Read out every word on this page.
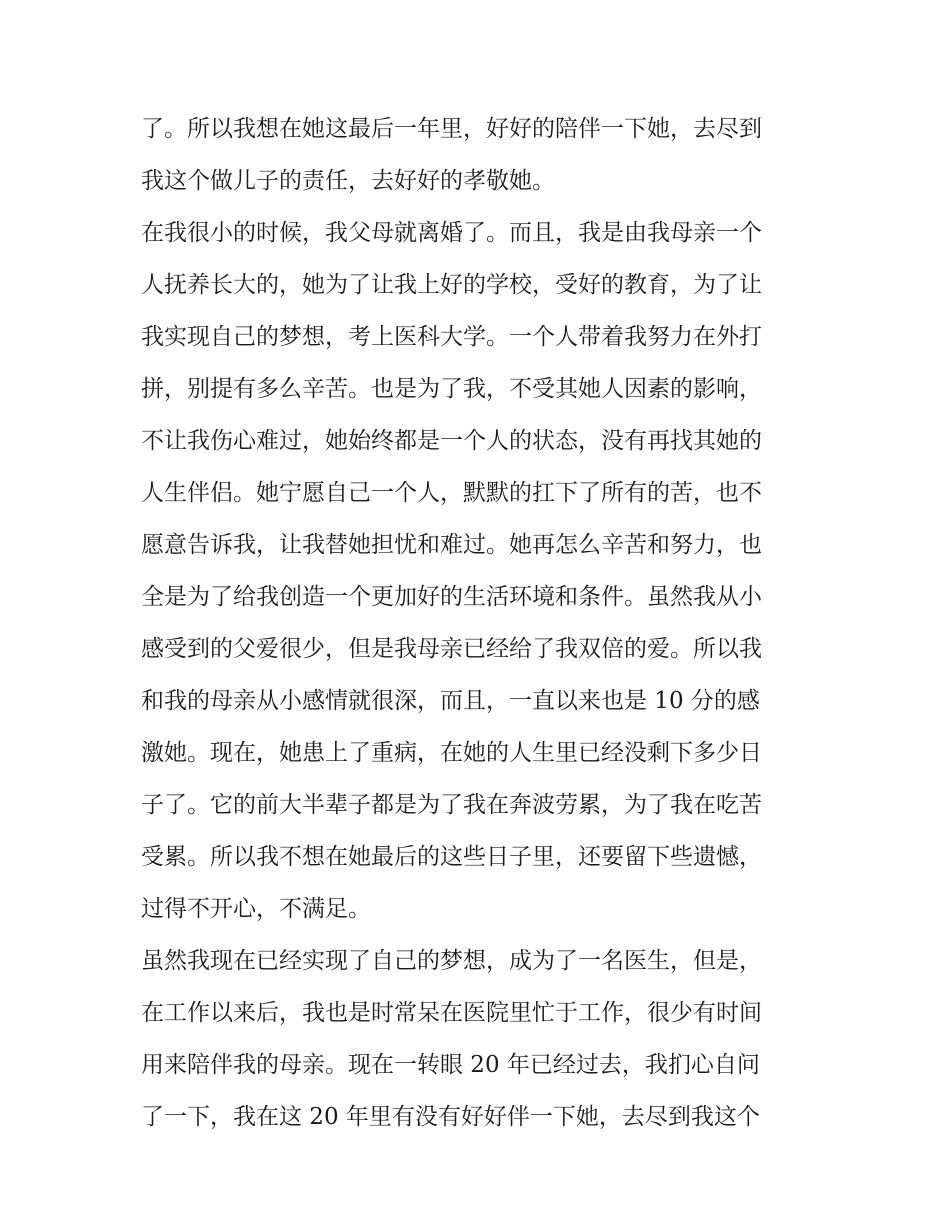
了。所以我想在她这最后一年里，好好的陪伴一下她，去尽到
我这个做儿子的责任，去好好的孝敬她。
在我很小的时候，我父母就离婚了。而且，我是由我母亲一个
人抚养长大的，她为了让我上好的学校，受好的教育，为了让
我实现自己的梦想，考上医科大学。一个人带着我努力在外打
拼，别提有多么辛苦。也是为了我，不受其她人因素的影响，
不让我伤心难过，她始终都是一个人的状态，没有再找其她的
人生伴侣。她宁愿自己一个人，默默的扛下了所有的苦，也不
愿意告诉我，让我替她担忧和难过。她再怎么辛苦和努力，也
全是为了给我创造一个更加好的生活环境和条件。虽然我从小
感受到的父爱很少，但是我母亲已经给了我双倍的爱。所以我
和我的母亲从小感情就很深，而且，一直以来也是 10 分的感
激她。现在，她患上了重病，在她的人生里已经没剩下多少日
子了。它的前大半辈子都是为了我在奔波劳累，为了我在吃苦
受累。所以我不想在她最后的这些日子里，还要留下些遗憾，
过得不开心，不满足。
虽然我现在已经实现了自己的梦想，成为了一名医生，但是，
在工作以来后，我也是时常呆在医院里忙于工作，很少有时间
用来陪伴我的母亲。现在一转眼 20 年已经过去，我扪心自问
了一下，我在这 20 年里有没有好好伴一下她，去尽到我这个
